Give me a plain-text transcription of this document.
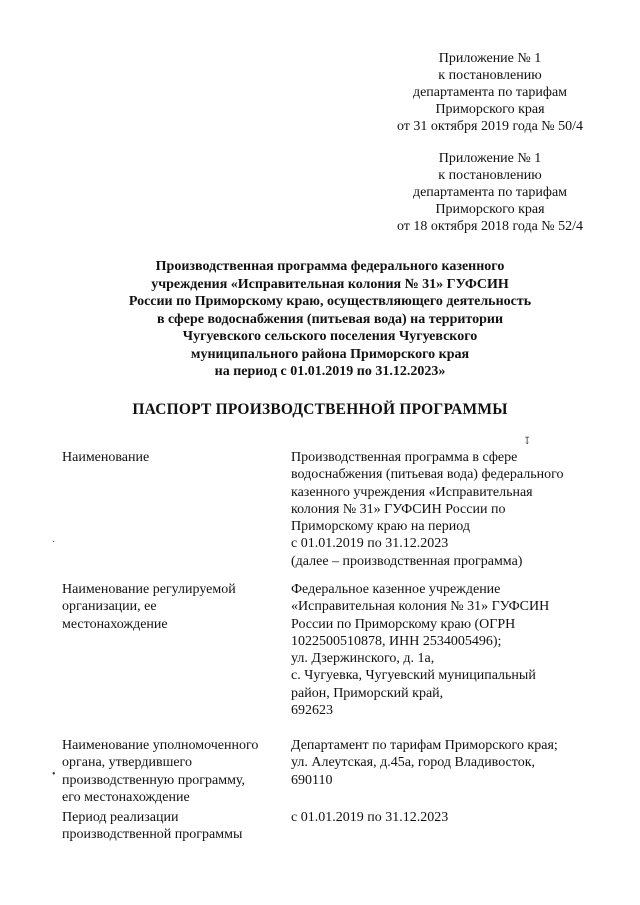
Приложение № 1
к постановлению
департамента по тарифам
Приморского края
от 31 октября 2019 года № 50/4
Приложение № 1
к постановлению
департамента по тарифам
Приморского края
от 18 октября 2018 года № 52/4
Производственная программа федерального казенного
учреждения «Исправительная колония № 31» ГУФСИН
России по Приморскому краю, осуществляющего деятельность
в сфере водоснабжения (питьевая вода) на территории
Чугуевского сельского поселения Чугуевского
муниципального района Приморского края
на период с 01.01.2019 по 31.12.2023»
ПАСПОРТ ПРОИЗВОДСТВЕННОЙ ПРОГРАММЫ
Наименование	Производственная программа в сфере
водоснабжения (питьевая вода) федерального
казенного учреждения «Исправительная
колония № 31» ГУФСИН России по
Приморскому краю на период
с 01.01.2019 по 31.12.2023
(далее – производственная программа)
Наименование регулируемой
организации, ее
местонахождение
Федеральное казенное учреждение
«Исправительная колония № 31» ГУФСИН
России по Приморскому краю (ОГРН
1022500510878, ИНН 2534005496);
ул. Дзержинского, д. 1а,
с. Чугуевка, Чугуевский муниципальный
район, Приморский край,
692623
Наименование уполномоченного
органа, утвердившего
производственную программу,
его местонахождение
Департамент по тарифам Приморского края;
ул. Алеутская, д.45а, город Владивосток,
690110
Период реализации
производственной программы
с 01.01.2019 по 31.12.2023
↧
˙
•
